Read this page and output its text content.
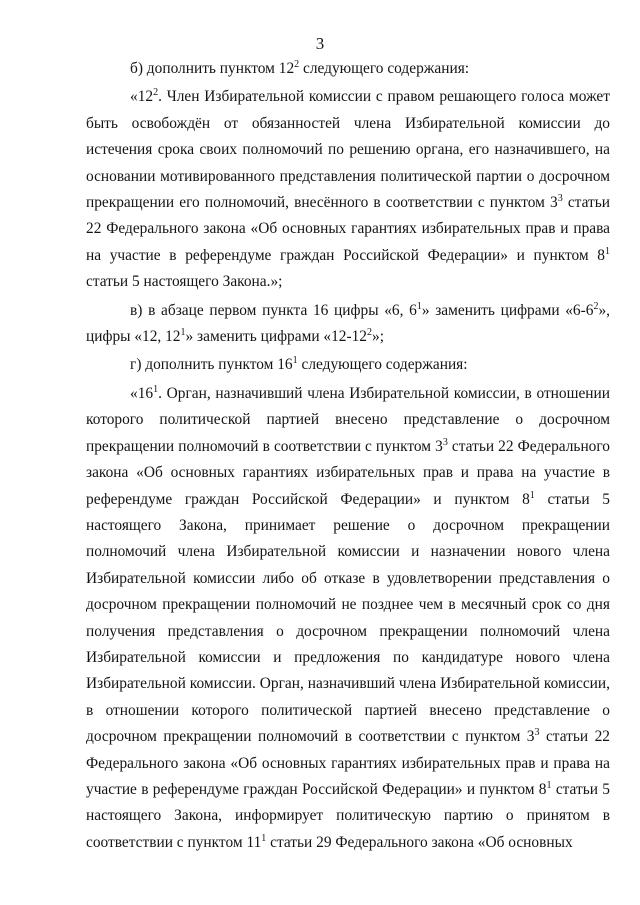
3

б) дополнить пунктом $12^2$ следующего содержания:

«$12^2$. Член Избирательной комиссии с правом решающего голоса может быть освобождён от обязанностей члена Избирательной комиссии до истечения срока своих полномочий по решению органа, его назначившего, на основании мотивированного представления политической партии о досрочном прекращении его полномочий, внесённого в соответствии с пунктом $3^3$ статьи 22 Федерального закона «Об основных гарантиях избирательных прав и права на участие в референдуме граждан Российской Федерации» и пунктом $8^1$ статьи 5 настоящего Закона.»;

в) в абзаце первом пункта 16 цифры «6, $6^1$» заменить цифрами «$6-6^2$», цифры «12, $12^1$» заменить цифрами «$12-12^2$»;

г) дополнить пунктом $16^1$ следующего содержания:

«$16^1$. Орган, назначивший члена Избирательной комиссии, в отношении которого политической партией внесено представление о досрочном прекращении полномочий в соответствии с пунктом $3^3$ статьи 22 Федерального закона «Об основных гарантиях избирательных прав и права на участие в референдуме граждан Российской Федерации» и пунктом $8^1$ статьи 5 настоящего Закона, принимает решение о досрочном прекращении полномочий члена Избирательной комиссии и назначении нового члена Избирательной комиссии либо об отказе в удовлетворении представления о досрочном прекращении полномочий не позднее чем в месячный срок со дня получения представления о досрочном прекращении полномочий члена Избирательной комиссии и предложения по кандидатуре нового члена Избирательной комиссии. Орган, назначивший члена Избирательной комиссии, в отношении которого политической партией внесено представление о досрочном прекращении полномочий в соответствии с пунктом $3^3$ статьи 22 Федерального закона «Об основных гарантиях избирательных прав и права на участие в референдуме граждан Российской Федерации» и пунктом $8^1$ статьи 5 настоящего Закона, информирует политическую партию о принятом в соответствии с пунктом $11^1$ статьи 29 Федерального закона «Об основных
